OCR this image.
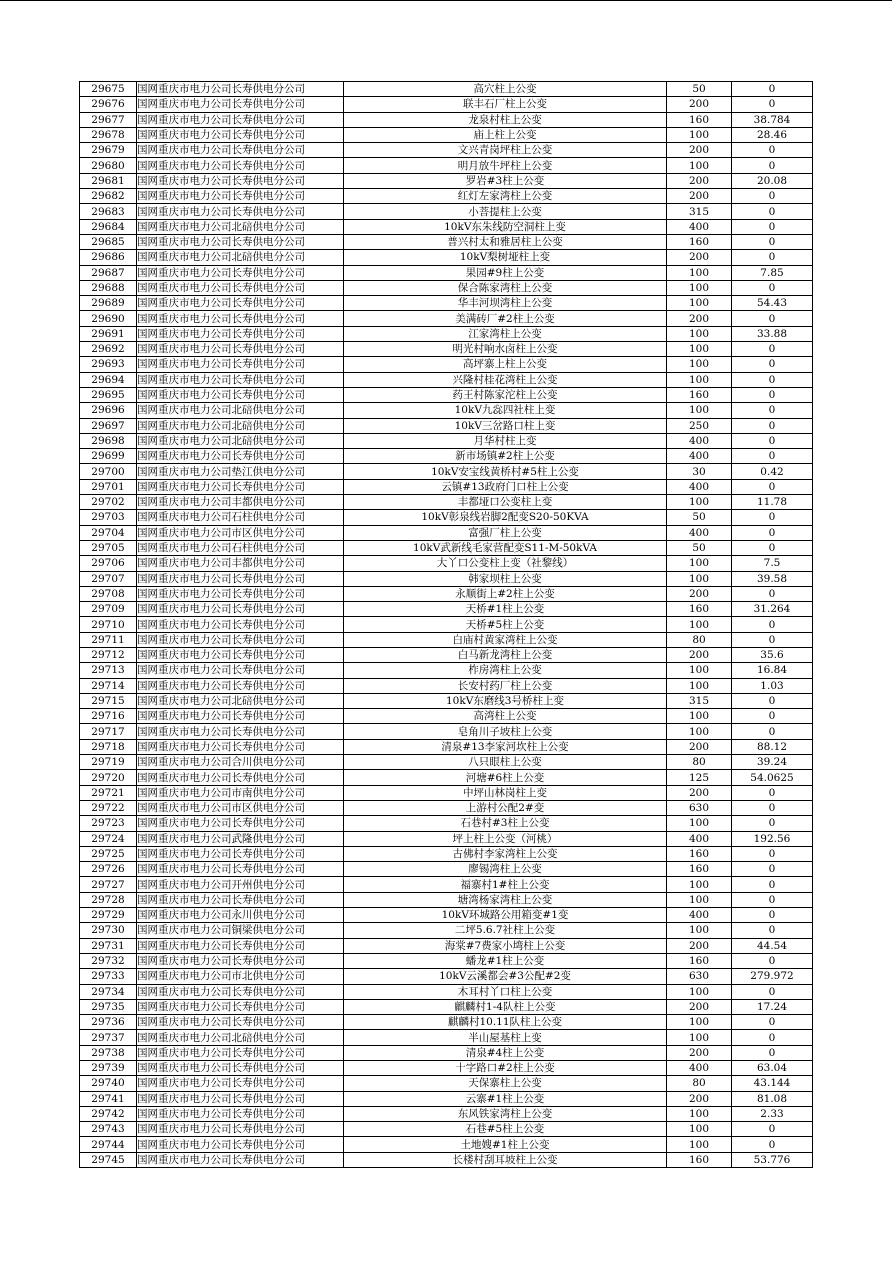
29675	国网重庆市电力公司长寿供电分公司	高穴柱上公变	50	0
29676	国网重庆市电力公司长寿供电分公司	联丰石厂柱上公变	200	0
29677	国网重庆市电力公司长寿供电分公司	龙泉村柱上公变	160	38.784
29678	国网重庆市电力公司长寿供电分公司	庙上柱上公变	100	28.46
29679	国网重庆市电力公司长寿供电分公司	文兴青岗坪柱上公变	200	0
29680	国网重庆市电力公司长寿供电分公司	明月放牛坪柱上公变	100	0
29681	国网重庆市电力公司长寿供电分公司	罗岩#3柱上公变	200	20.08
29682	国网重庆市电力公司长寿供电分公司	红灯左家湾柱上公变	200	0
29683	国网重庆市电力公司长寿供电分公司	小菩提柱上公变	315	0
29684	国网重庆市电力公司北碚供电分公司	10kV东朱线防空洞柱上变	400	0
29685	国网重庆市电力公司长寿供电分公司	普兴村太和雅居柱上公变	160	0
29686	国网重庆市电力公司北碚供电分公司	10kV梨树垭柱上变	200	0
29687	国网重庆市电力公司长寿供电分公司	果园#9柱上公变	100	7.85
29688	国网重庆市电力公司长寿供电分公司	保合陈家湾柱上公变	100	0
29689	国网重庆市电力公司长寿供电分公司	华丰河坝湾柱上公变	100	54.43
29690	国网重庆市电力公司长寿供电分公司	美满砖厂#2柱上公变	200	0
29691	国网重庆市电力公司长寿供电分公司	江家湾柱上公变	100	33.88
29692	国网重庆市电力公司长寿供电分公司	明光村响水卤柱上公变	100	0
29693	国网重庆市电力公司长寿供电分公司	高坪寨上柱上公变	100	0
29694	国网重庆市电力公司长寿供电分公司	兴隆村桂花湾柱上公变	100	0
29695	国网重庆市电力公司长寿供电分公司	药王村陈家沱柱上公变	160	0
29696	国网重庆市电力公司北碚供电分公司	10kV九惢四社柱上变	100	0
29697	国网重庆市电力公司北碚供电分公司	10kV三岔路口柱上变	250	0
29698	国网重庆市电力公司北碚供电分公司	月华村柱上变	400	0
29699	国网重庆市电力公司长寿供电分公司	新市场镇#2柱上公变	400	0
29700	国网重庆市电力公司垫江供电分公司	10kV安宝线黄桥村#5柱上公变	30	0.42
29701	国网重庆市电力公司长寿供电分公司	云镇#13政府门口柱上公变	400	0
29702	国网重庆市电力公司丰都供电分公司	丰都垭口公变柱上变	100	11.78
29703	国网重庆市电力公司石柱供电分公司	10kV彰泉线岩脚2配变S20-50KVA	50	0
29704	国网重庆市电力公司市区供电分公司	富强厂柱上公变	400	0
29705	国网重庆市电力公司石柱供电分公司	10kV武新线毛家营配变S11-M-50kVA	50	0
29706	国网重庆市电力公司丰都供电分公司	大丫口公变柱上变（社黎线）	100	7.5
29707	国网重庆市电力公司长寿供电分公司	韩家坝柱上公变	100	39.58
29708	国网重庆市电力公司长寿供电分公司	永顺街上#2柱上公变	200	0
29709	国网重庆市电力公司长寿供电分公司	天桥#1柱上公变	160	31.264
29710	国网重庆市电力公司长寿供电分公司	天桥#5柱上公变	100	0
29711	国网重庆市电力公司长寿供电分公司	白庙村黄家湾柱上公变	80	0
29712	国网重庆市电力公司长寿供电分公司	白马新龙湾柱上公变	200	35.6
29713	国网重庆市电力公司长寿供电分公司	柞房湾柱上公变	100	16.84
29714	国网重庆市电力公司长寿供电分公司	长安村药厂柱上公变	100	1.03
29715	国网重庆市电力公司北碚供电分公司	10kV东磨线3号桥柱上变	315	0
29716	国网重庆市电力公司长寿供电分公司	高湾柱上公变	100	0
29717	国网重庆市电力公司长寿供电分公司	皂角川子坡柱上公变	100	0
29718	国网重庆市电力公司长寿供电分公司	清泉#13李家河坎柱上公变	200	88.12
29719	国网重庆市电力公司合川供电分公司	八只眼柱上公变	80	39.24
29720	国网重庆市电力公司长寿供电分公司	河塘#6柱上公变	125	54.0625
29721	国网重庆市电力公司市南供电分公司	中坪山林岗柱上变	200	0
29722	国网重庆市电力公司市区供电分公司	上游村公配2#变	630	0
29723	国网重庆市电力公司长寿供电分公司	石巷村#3柱上公变	100	0
29724	国网重庆市电力公司武隆供电分公司	坪上柱上公变（河桃）	400	192.56
29725	国网重庆市电力公司长寿供电分公司	古佛村李家湾柱上公变	160	0
29726	国网重庆市电力公司长寿供电分公司	廖锡湾柱上公变	160	0
29727	国网重庆市电力公司开州供电分公司	福寨村1#柱上公变	100	0
29728	国网重庆市电力公司长寿供电分公司	塘湾杨家湾柱上公变	100	0
29729	国网重庆市电力公司永川供电分公司	10kV环城路公用箱变#1变	400	0
29730	国网重庆市电力公司铜梁供电分公司	二坪5.6.7社柱上公变	100	0
29731	国网重庆市电力公司长寿供电分公司	海棠#7费家小塆柱上公变	200	44.54
29732	国网重庆市电力公司长寿供电分公司	蟠龙#1柱上公变	160	0
29733	国网重庆市电力公司市北供电分公司	10kV云溪都会#3公配#2变	630	279.972
29734	国网重庆市电力公司长寿供电分公司	木耳村丫口柱上公变	100	0
29735	国网重庆市电力公司长寿供电分公司	麒麟村1-4队柱上公变	200	17.24
29736	国网重庆市电力公司长寿供电分公司	麒麟村10.11队柱上公变	100	0
29737	国网重庆市电力公司北碚供电分公司	半山屋基柱上变	100	0
29738	国网重庆市电力公司长寿供电分公司	清泉#4柱上公变	200	0
29739	国网重庆市电力公司长寿供电分公司	十字路口#2柱上公变	400	63.04
29740	国网重庆市电力公司长寿供电分公司	天保寨柱上公变	80	43.144
29741	国网重庆市电力公司长寿供电分公司	云寨#1柱上公变	200	81.08
29742	国网重庆市电力公司长寿供电分公司	东风铁家湾柱上公变	100	2.33
29743	国网重庆市电力公司长寿供电分公司	石巷#5柱上公变	100	0
29744	国网重庆市电力公司长寿供电分公司	土地嫂#1柱上公变	100	0
29745	国网重庆市电力公司长寿供电分公司	长楼村刮耳坡柱上公变	160	53.776
